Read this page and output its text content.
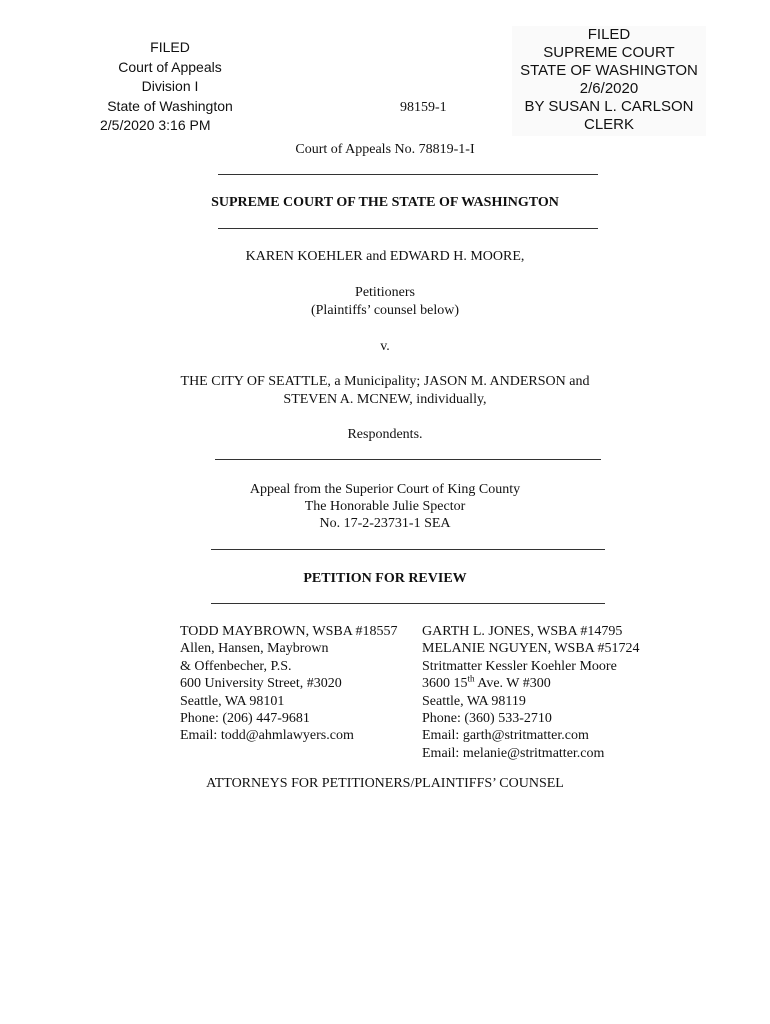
FILED
Court of Appeals
Division I
State of Washington
2/5/2020 3:16 PM
98159-1
FILED
SUPREME COURT
STATE OF WASHINGTON
2/6/2020
BY SUSAN L. CARLSON
CLERK
Court of Appeals No. 78819-1-I
SUPREME COURT OF THE STATE OF WASHINGTON
KAREN KOEHLER and EDWARD H. MOORE,
Petitioners
(Plaintiffs’ counsel below)
v.
THE CITY OF SEATTLE, a Municipality; JASON M. ANDERSON and
STEVEN A. MCNEW, individually,
Respondents.
Appeal from the Superior Court of King County
The Honorable Julie Spector
No. 17-2-23731-1 SEA
PETITION FOR REVIEW
TODD MAYBROWN, WSBA #18557
Allen, Hansen, Maybrown
& Offenbecher, P.S.
600 University Street, #3020
Seattle, WA 98101
Phone: (206) 447-9681
Email: todd@ahmlawyers.com
GARTH L. JONES, WSBA #14795
MELANIE NGUYEN, WSBA #51724
Stritmatter Kessler Koehler Moore
3600 15th Ave. W #300
Seattle, WA 98119
Phone: (360) 533-2710
Email: garth@stritmatter.com
Email: melanie@stritmatter.com
ATTORNEYS FOR PETITIONERS/PLAINTIFFS’ COUNSEL
